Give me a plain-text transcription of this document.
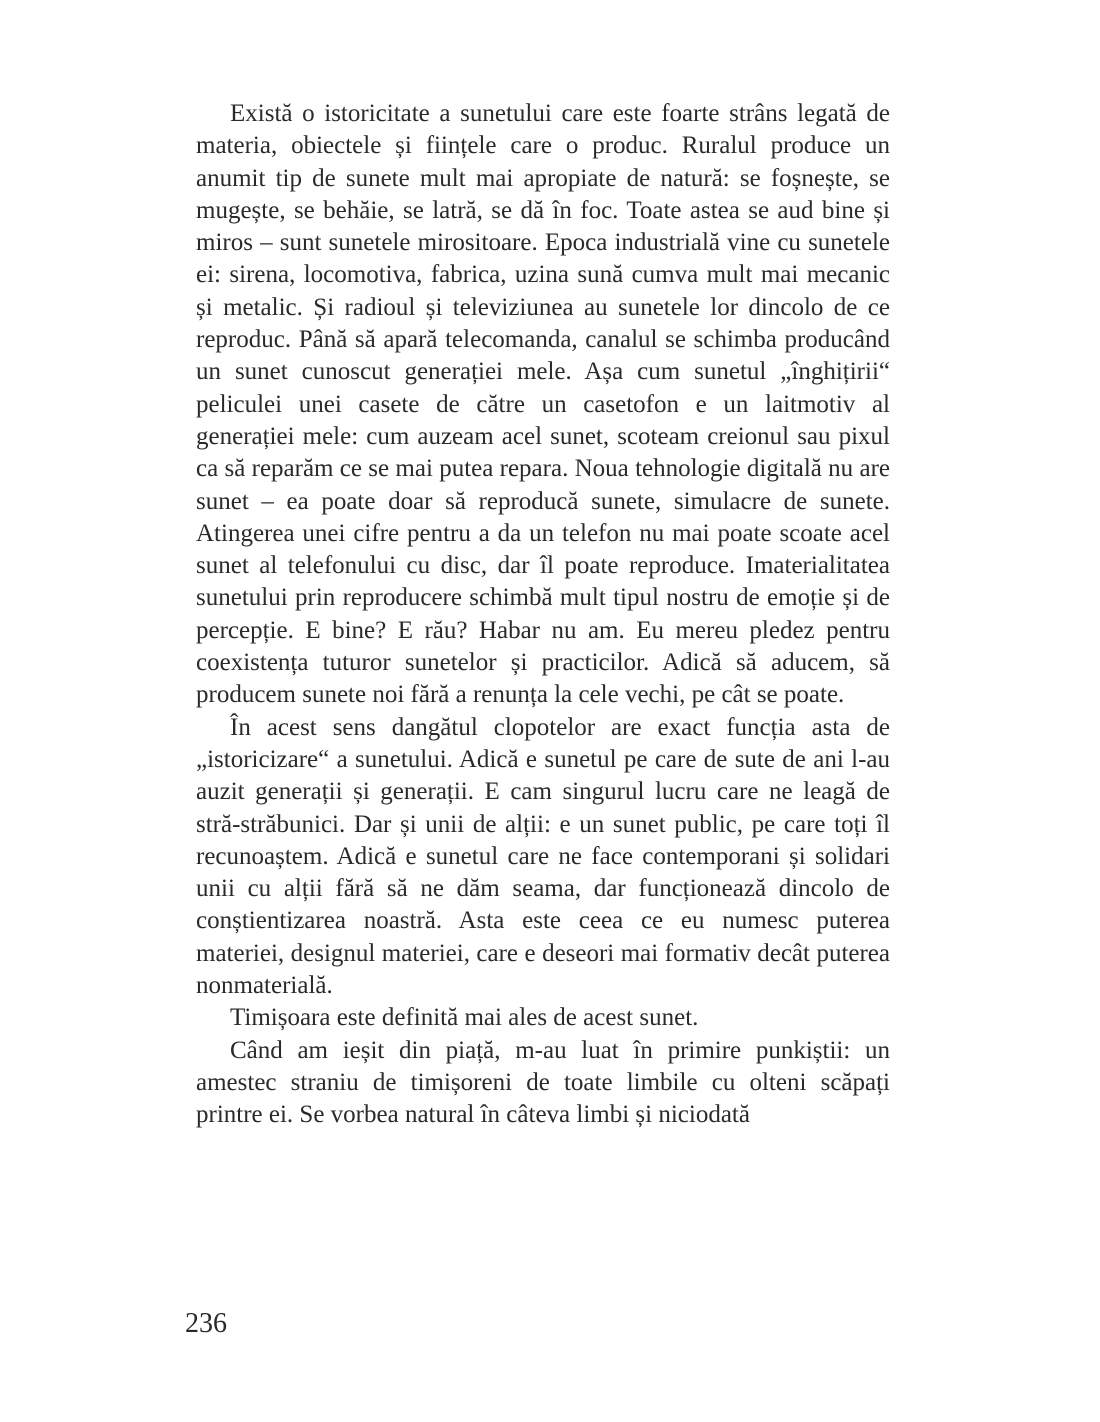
Există o istoricitate a sunetului care este foarte strâns legată de materia, obiectele și ființele care o produc. Ruralul produce un anumit tip de sunete mult mai apropiate de natură: se foșnește, se mugește, se behăie, se latră, se dă în foc. Toate astea se aud bine și miros – sunt sunetele mirositoare. Epoca industrială vine cu sunetele ei: sirena, locomotiva, fabrica, uzina sună cumva mult mai mecanic și metalic. Și radioul și televiziunea au sunetele lor dincolo de ce reproduc. Până să apară telecomanda, canalul se schimba producând un sunet cunoscut generației mele. Așa cum sunetul „înghițirii“ peliculei unei casete de către un casetofon e un laitmotiv al generației mele: cum auzeam acel sunet, scoteam creionul sau pixul ca să reparăm ce se mai putea repara. Noua tehnologie digitală nu are sunet – ea poate doar să reproducă sunete, simulacre de sunete. Atingerea unei cifre pentru a da un telefon nu mai poate scoate acel sunet al telefonului cu disc, dar îl poate reproduce. Imaterialitatea sunetului prin reproducere schimbă mult tipul nostru de emoție și de percepție. E bine? E rău? Habar nu am. Eu mereu pledez pentru coexistența tuturor sunetelor și practicilor. Adică să aducem, să producem sunete noi fără a renunța la cele vechi, pe cât se poate.

În acest sens dangătul clopotelor are exact funcția asta de „istoricizare“ a sunetului. Adică e sunetul pe care de sute de ani l-au auzit generații și generații. E cam singurul lucru care ne leagă de stră-străbunici. Dar și unii de alții: e un sunet public, pe care toți îl recunoaștem. Adică e sunetul care ne face contemporani și solidari unii cu alții fără să ne dăm seama, dar funcționează dincolo de conștientizarea noastră. Asta este ceea ce eu numesc puterea materiei, designul materiei, care e deseori mai formativ decât puterea nonmaterială.

Timișoara este definită mai ales de acest sunet.

Când am ieșit din piață, m-au luat în primire punkiștii: un amestec straniu de timișoreni de toate limbile cu olteni scăpați printre ei. Se vorbea natural în câteva limbi și niciodată

236
